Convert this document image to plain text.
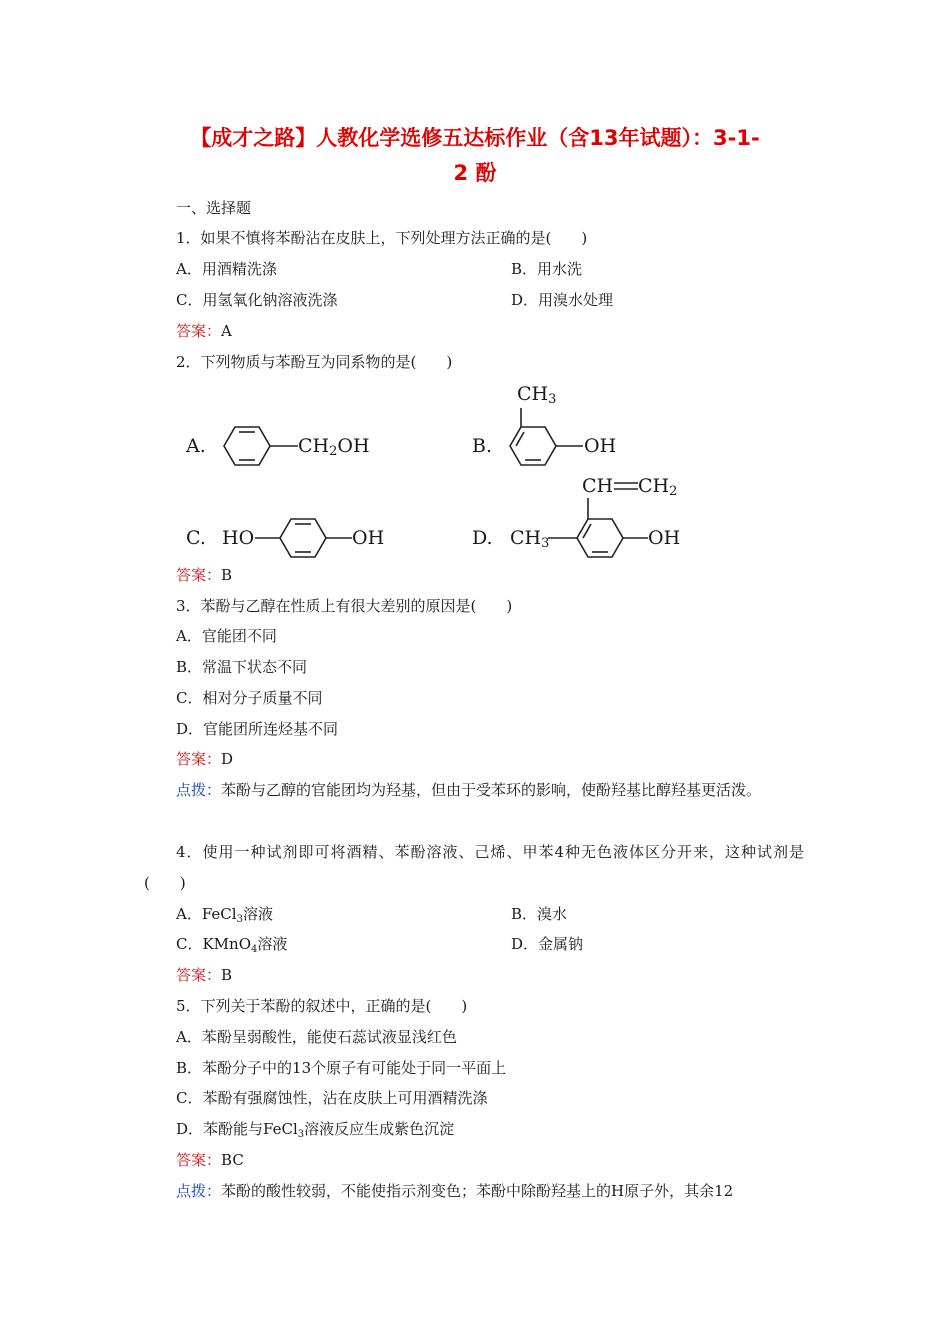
【成才之路】人教化学选修五达标作业（含13年试题）：3-1-
2 酚
一、选择题
1．如果不慎将苯酚沾在皮肤上，下列处理方法正确的是(　　)
A．用酒精洗涤	B．用水洗
C．用氢氧化钠溶液洗涤	D．用溴水处理
答案：A
2．下列物质与苯酚互为同系物的是(　　)
A.	$CH_2OH$	B.
$CH_3$
OH
C. HO	OH	D.
CH $CH_2$
$CH_3$	OH
答案：B
3．苯酚与乙醇在性质上有很大差别的原因是(　　)
A．官能团不同
B．常温下状态不同
C．相对分子质量不同
D．官能团所连烃基不同
答案：D
点拨：苯酚与乙醇的官能团均为羟基，但由于受苯环的影响，使酚羟基比醇羟基更活泼。
4．使用一种试剂即可将酒精、苯酚溶液、己烯、甲苯4种无色液体区分开来，这种试剂是(　　)
A．FeCl$_3$溶液	B．溴水
C．KMnO$_4$溶液	D．金属钠
答案：B
5．下列关于苯酚的叙述中，正确的是(　　)
A．苯酚呈弱酸性，能使石蕊试液显浅红色
B．苯酚分子中的13个原子有可能处于同一平面上
C．苯酚有强腐蚀性，沾在皮肤上可用酒精洗涤
D．苯酚能与FeCl$_3$溶液反应生成紫色沉淀
答案：BC
点拨：苯酚的酸性较弱，不能使指示剂变色；苯酚中除酚羟基上的H原子外，其余12
